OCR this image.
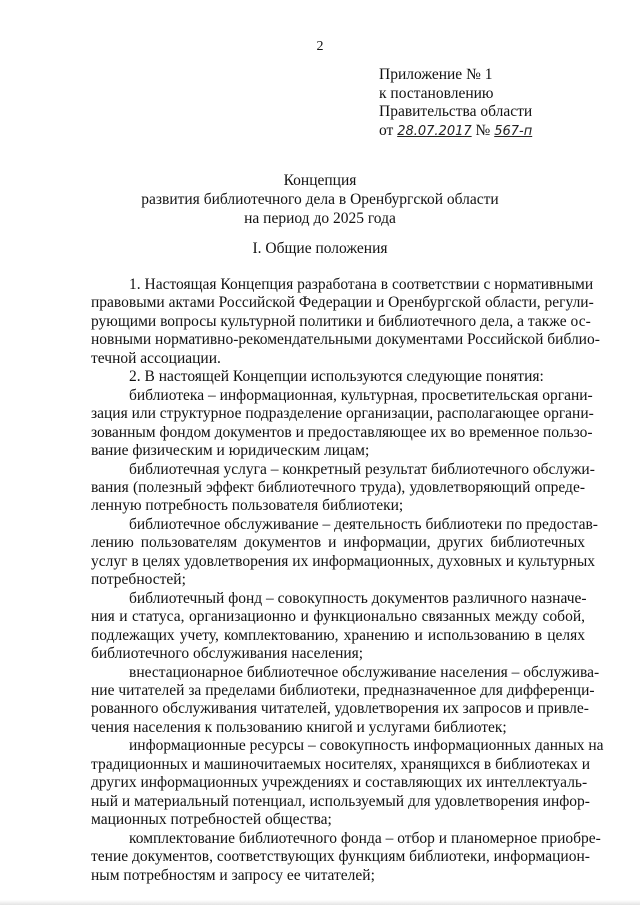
2
Приложение № 1
к постановлению
Правительства области
от 28.07.2017 № 567-п
Концепция
развития библиотечного дела в Оренбургской области
на период до 2025 года
I. Общие положения
1. Настоящая Концепция разработана в соответствии с нормативными
правовыми актами Российской Федерации и Оренбургской области, регули-
рующими вопросы культурной политики и библиотечного дела, а также ос-
новными нормативно-рекомендательными документами Российской библио-
течной ассоциации.
2. В настоящей Концепции используются следующие понятия:
библиотека – информационная, культурная, просветительская органи-
зация или структурное подразделение организации, располагающее органи-
зованным фондом документов и предоставляющее их во временное пользо-
вание физическим и юридическим лицам;
библиотечная услуга – конкретный результат библиотечного обслужи-
вания (полезный эффект библиотечного труда), удовлетворяющий опреде-
ленную потребность пользователя библиотеки;
библиотечное обслуживание – деятельность библиотеки по предостав-
лению пользователям документов и информации, других библиотечных
услуг в целях удовлетворения их информационных, духовных и культурных
потребностей;
библиотечный фонд – совокупность документов различного назначе-
ния и статуса, организационно и функционально связанных между собой,
подлежащих учету, комплектованию, хранению и использованию в целях
библиотечного обслуживания населения;
внестационарное библиотечное обслуживание населения – обслужива-
ние читателей за пределами библиотеки, предназначенное для дифференци-
рованного обслуживания читателей, удовлетворения их запросов и привле-
чения населения к пользованию книгой и услугами библиотек;
информационные ресурсы – совокупность информационных данных на
традиционных и машиночитаемых носителях, хранящихся в библиотеках и
других информационных учреждениях и составляющих их интеллектуаль-
ный и материальный потенциал, используемый для удовлетворения инфор-
мационных потребностей общества;
комплектование библиотечного фонда – отбор и планомерное приобре-
тение документов, соответствующих функциям библиотеки, информацион-
ным потребностям и запросу ее читателей;
